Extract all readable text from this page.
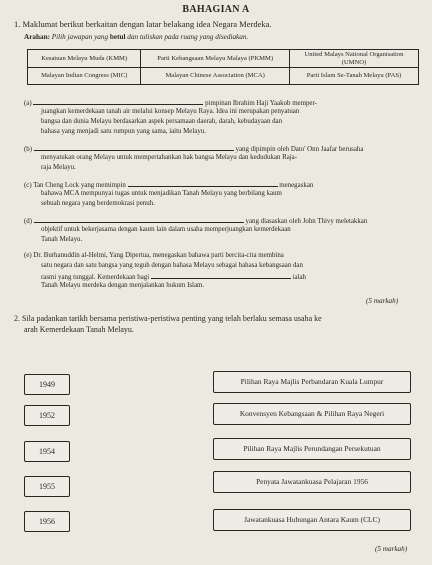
BAHAGIAN A
1. Maklumat berikut berkaitan dengan latar belakang idea Negara Merdeka.
Arahan: Pilih jawapan yang betul dan tuliskan pada ruang yang disediakan.
Kesatuan Melayu Muda (KMM)	Parti Kebangsaan Melayu Malaya (PKMM)	United Malays National Organisation (UMNO)
Malayan Indian Congress (MIC)	Malayan Chinese Association (MCA)	Parti Islam Se-Tanah Melayu (PAS)
(a)	pimpinan Ibrahim Haji Yaakob memper-
juangkan kemerdekaan tanah air melalui konsep Melayu Raya. Idea ini merupakan penyatuan
bangsa dan dunia Melayu berdasarkan aspek persamaan daerah, darah, kebudayaan dan
bahasa yang menjadi satu rumpun yang sama, iaitu Melayu.
(b)	yang dipimpin oleh Dato' Onn Jaafar berusaha
menyatukan orang Melayu untuk mempertahankan hak bangsa Melayu dan kedudukan Raja-
raja Melayu.
(c) Tan Cheng Lock yang memimpin	menegaskan
bahawa MCA mempunyai tugas untuk menjadikan Tanah Melayu yang berbilang kaum
sebuah negara yang berdemokrasi penuh.
(d)	yang diasaskan oleh John Thivy meletakkan
objektif untuk bekerjasama dengan kaum lain dalam usaha memperjuangkan kemerdekaan
Tanah Melayu.
(e) Dr. Burhanuddin al-Helmi, Yang Dipertua, menegaskan bahawa parti bercita-cita membina
satu negara dan satu bangsa yang teguh dengan bahasa Melayu sebagai bahasa kebangsaan dan
rasmi yang tunggal. Kemerdekaan bagi	ialah
Tanah Melayu merdeka dengan menjalankan hukum Islam.
(5 markah)
2. Sila padankan tarikh bersama peristiwa-peristiwa penting yang telah berlaku semasa usaha ke
arah Kemerdekaan Tanah Melayu.
1949
1952
1954
1955
1956
Pilihan Raya Majlis Perbandaran Kuala Lumpur
Konvensyen Kebangsaan & Pilihan Raya Negeri
Pilihan Raya Majlis Perundangan Persekutuan
Penyata Jawatankuasa Pelajaran 1956
Jawatankuasa Hubungan Antara Kaum (CLC)
(5 markah)
